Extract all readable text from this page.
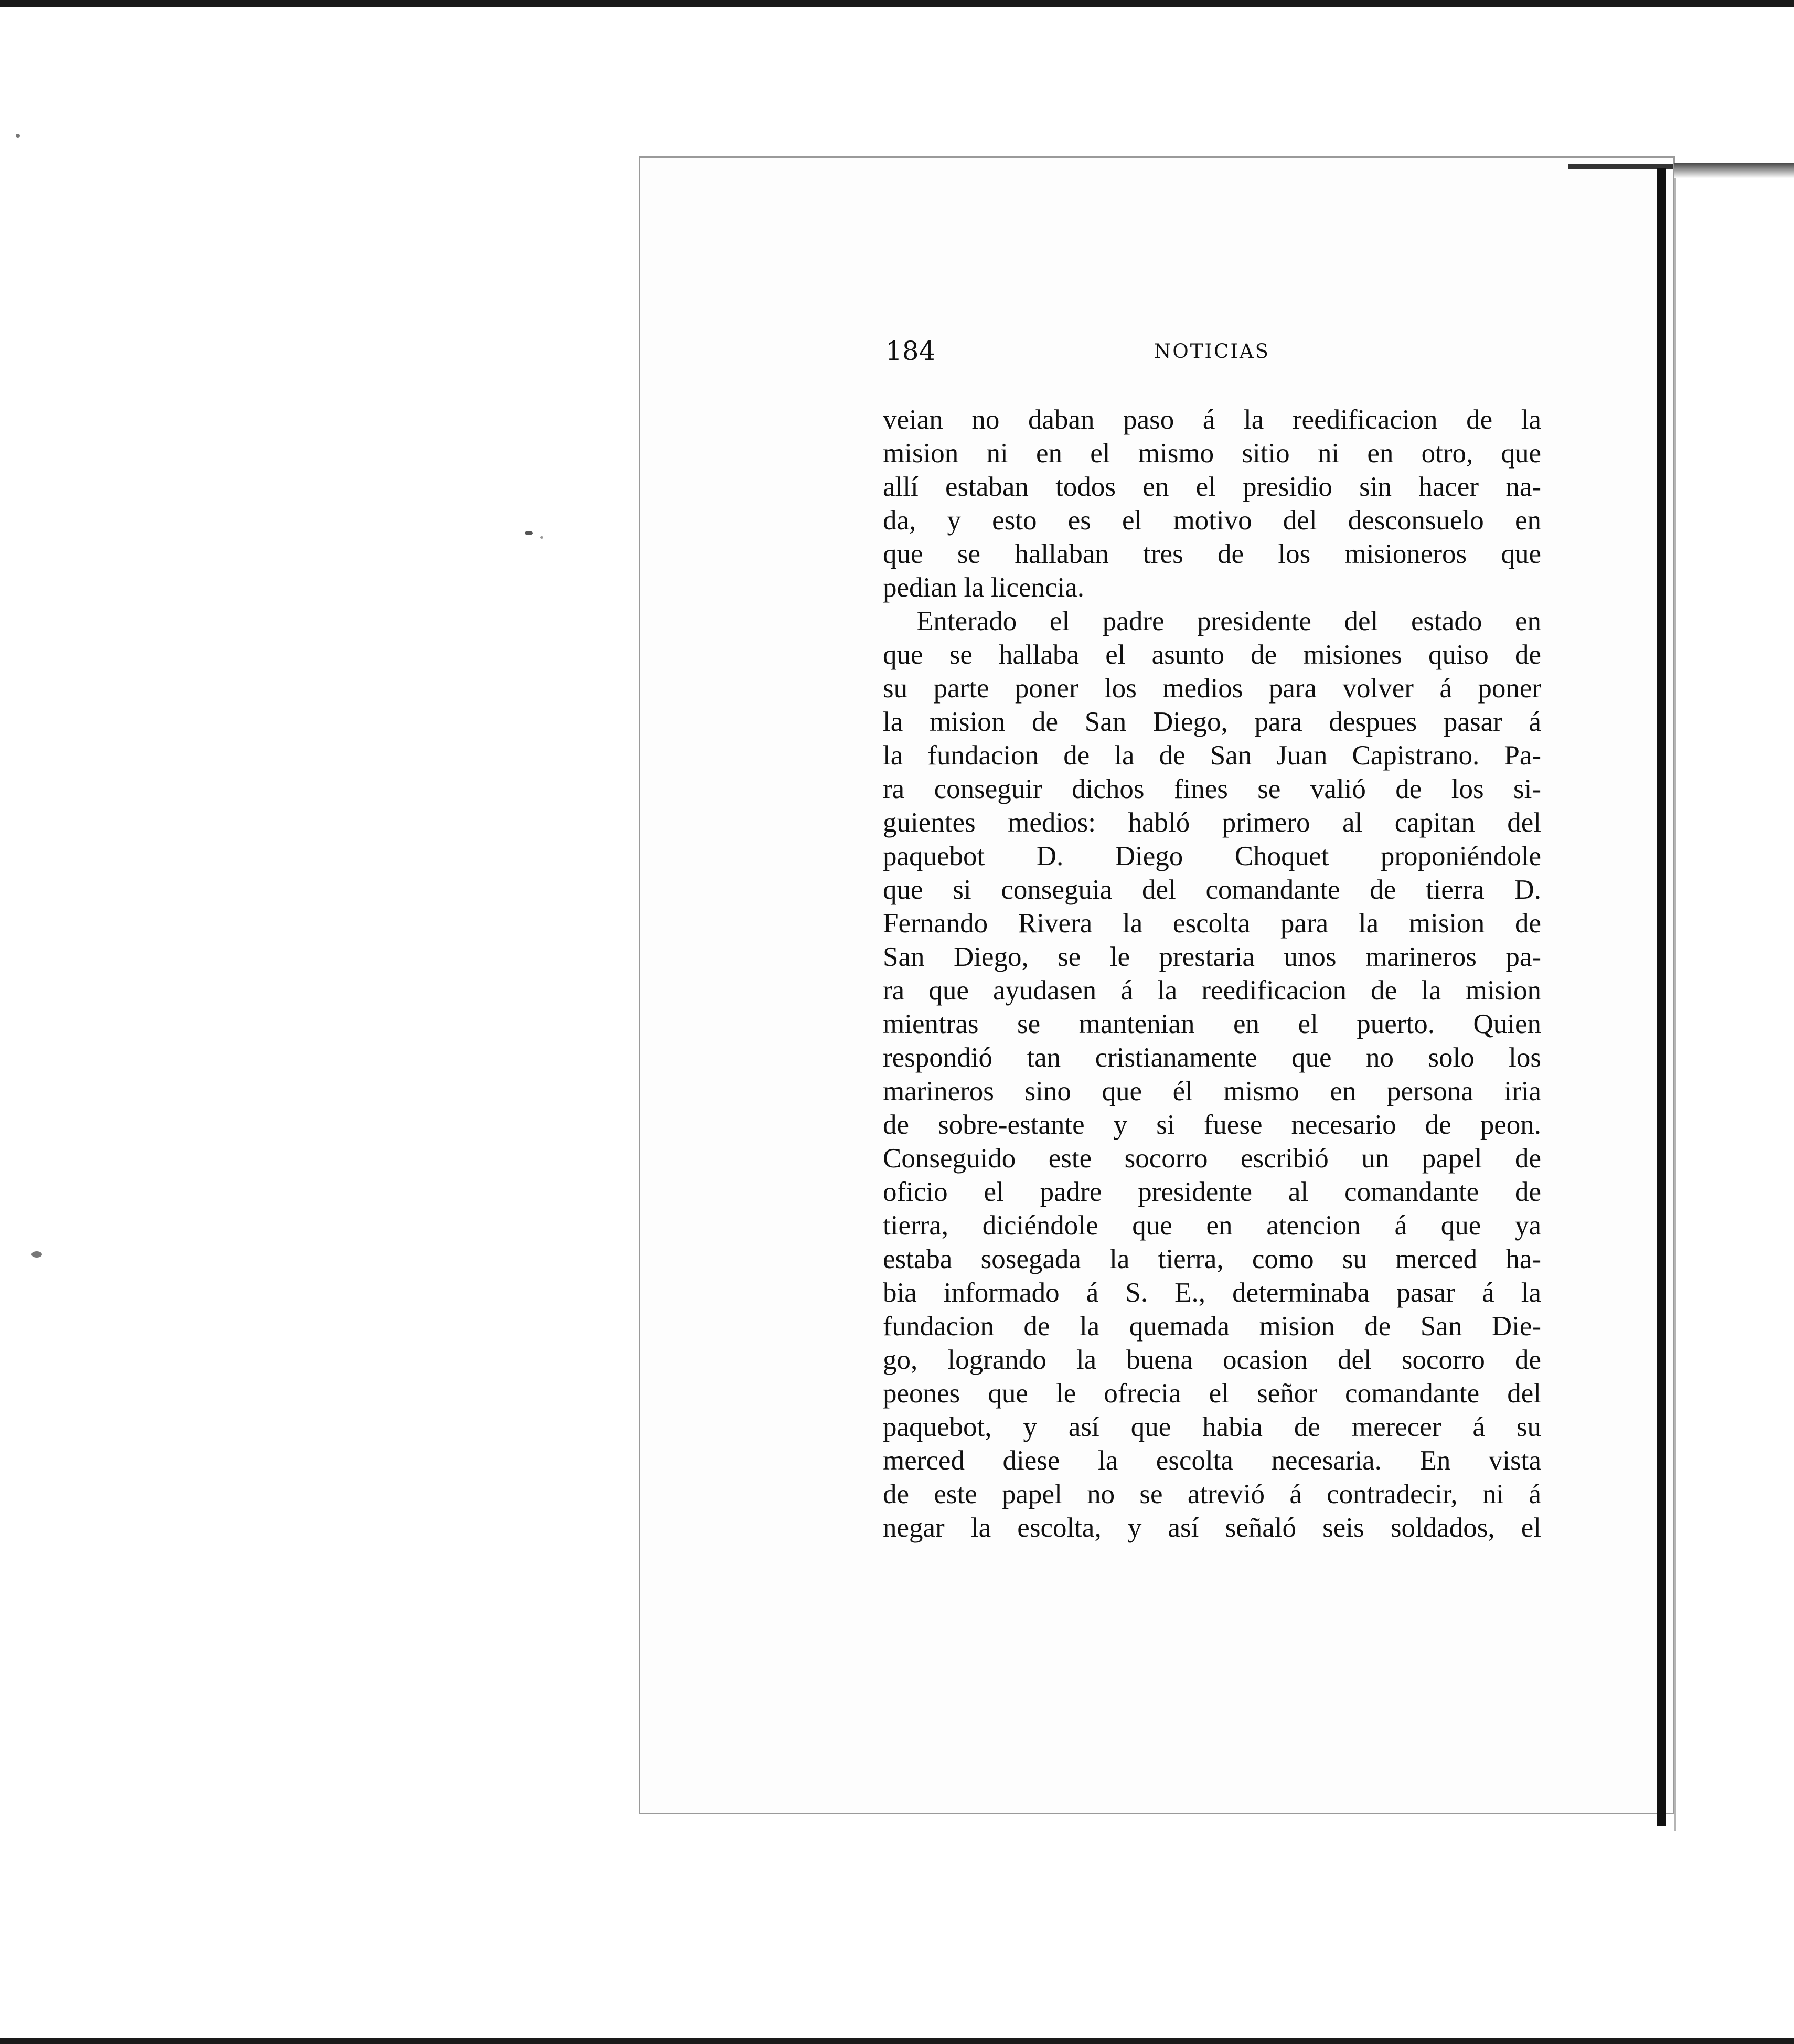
184	NOTICIAS
veian no daban paso á la reedificacion de la
mision ni en el mismo sitio ni en otro, que
allí estaban todos en el presidio sin hacer na-
da, y esto es el motivo del desconsuelo en
que se hallaban tres de los misioneros que
pedian la licencia.
Enterado el padre presidente del estado en
que se hallaba el asunto de misiones quiso de
su parte poner los medios para volver á poner
la mision de San Diego, para despues pasar á
la fundacion de la de San Juan Capistrano. Pa-
ra conseguir dichos fines se valió de los si-
guientes medios: habló primero al capitan del
paquebot D. Diego Choquet proponiéndole
que si conseguia del comandante de tierra D.
Fernando Rivera la escolta para la mision de
San Diego, se le prestaria unos marineros pa-
ra que ayudasen á la reedificacion de la mision
mientras se mantenian en el puerto. Quien
respondió tan cristianamente que no solo los
marineros sino que él mismo en persona iria
de sobre-estante y si fuese necesario de peon.
Conseguido este socorro escribió un papel de
oficio el padre presidente al comandante de
tierra, diciéndole que en atencion á que ya
estaba sosegada la tierra, como su merced ha-
bia informado á S. E., determinaba pasar á la
fundacion de la quemada mision de San Die-
go, logrando la buena ocasion del socorro de
peones que le ofrecia el señor comandante del
paquebot, y así que habia de merecer á su
merced diese la escolta necesaria. En vista
de este papel no se atrevió á contradecir, ni á
negar la escolta, y así señaló seis soldados, el
